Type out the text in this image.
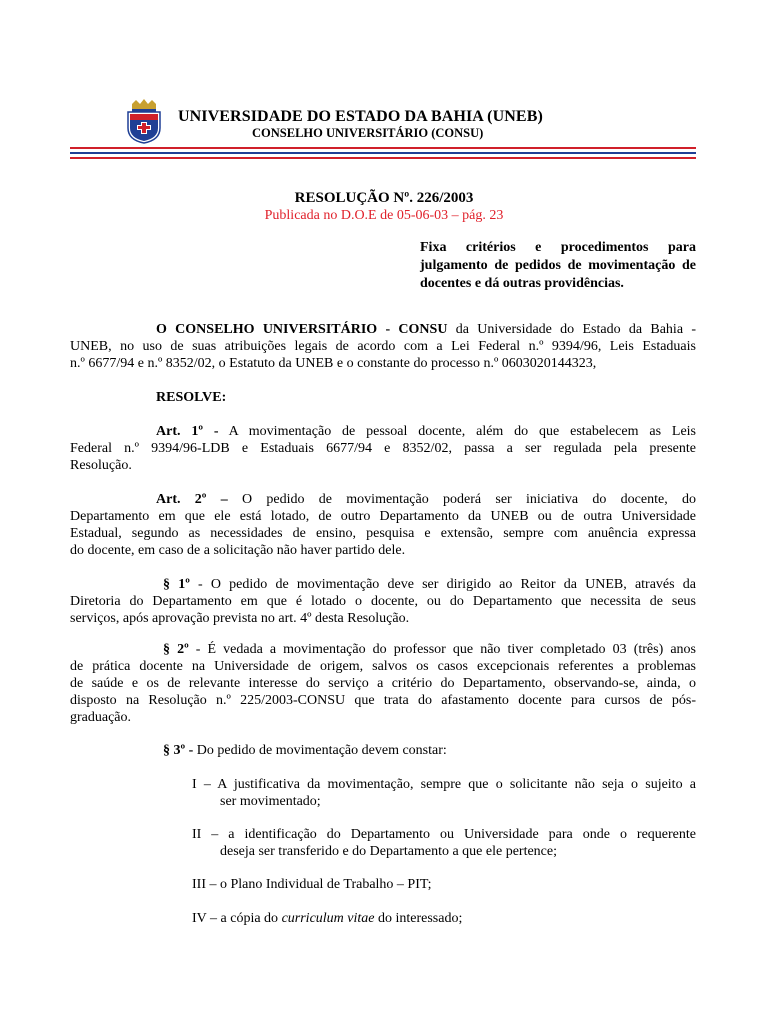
UNIVERSIDADE DO ESTADO DA BAHIA (UNEB)
CONSELHO UNIVERSITÁRIO (CONSU)
RESOLUÇÃO Nº. 226/2003
Publicada no D.O.E de 05-06-03 – pág. 23
Fixa critérios e procedimentos para julgamento de pedidos de movimentação de docentes e dá outras providências.
O CONSELHO UNIVERSITÁRIO - CONSU da Universidade do Estado da Bahia -
UNEB, no uso de suas atribuições legais de acordo com a Lei Federal n.º 9394/96, Leis Estaduais
n.º 6677/94 e n.º 8352/02, o Estatuto da UNEB e o constante do processo n.º 0603020144323,
RESOLVE:
Art. 1º - A movimentação de pessoal docente, além do que estabelecem as Leis
Federal n.º 9394/96-LDB e Estaduais 6677/94 e 8352/02, passa a ser regulada pela presente
Resolução.
Art. 2º – O pedido de movimentação poderá ser iniciativa do docente, do
Departamento em que ele está lotado, de outro Departamento da UNEB ou de outra Universidade
Estadual, segundo as necessidades de ensino, pesquisa e extensão, sempre com anuência expressa
do docente, em caso de a solicitação não haver partido dele.
§ 1º - O pedido de movimentação deve ser dirigido ao Reitor da UNEB, através da
Diretoria do Departamento em que é lotado o docente, ou do Departamento que necessita de seus
serviços, após aprovação prevista no art. 4º desta Resolução.
§ 2º - É vedada a movimentação do professor que não tiver completado 03 (três) anos
de prática docente na Universidade de origem, salvos os casos excepcionais referentes a problemas
de saúde e os de relevante interesse do serviço a critério do Departamento, observando-se, ainda, o
disposto na Resolução n.º 225/2003-CONSU que trata do afastamento docente para cursos de pós-
graduação.
§ 3º - Do pedido de movimentação devem constar:
I – A justificativa da movimentação, sempre que o solicitante não seja o sujeito a
ser movimentado;
II – a identificação do Departamento ou Universidade para onde o requerente
deseja ser transferido e do Departamento a que ele pertence;
III – o Plano Individual de Trabalho – PIT;
IV – a cópia do curriculum vitae do interessado;
